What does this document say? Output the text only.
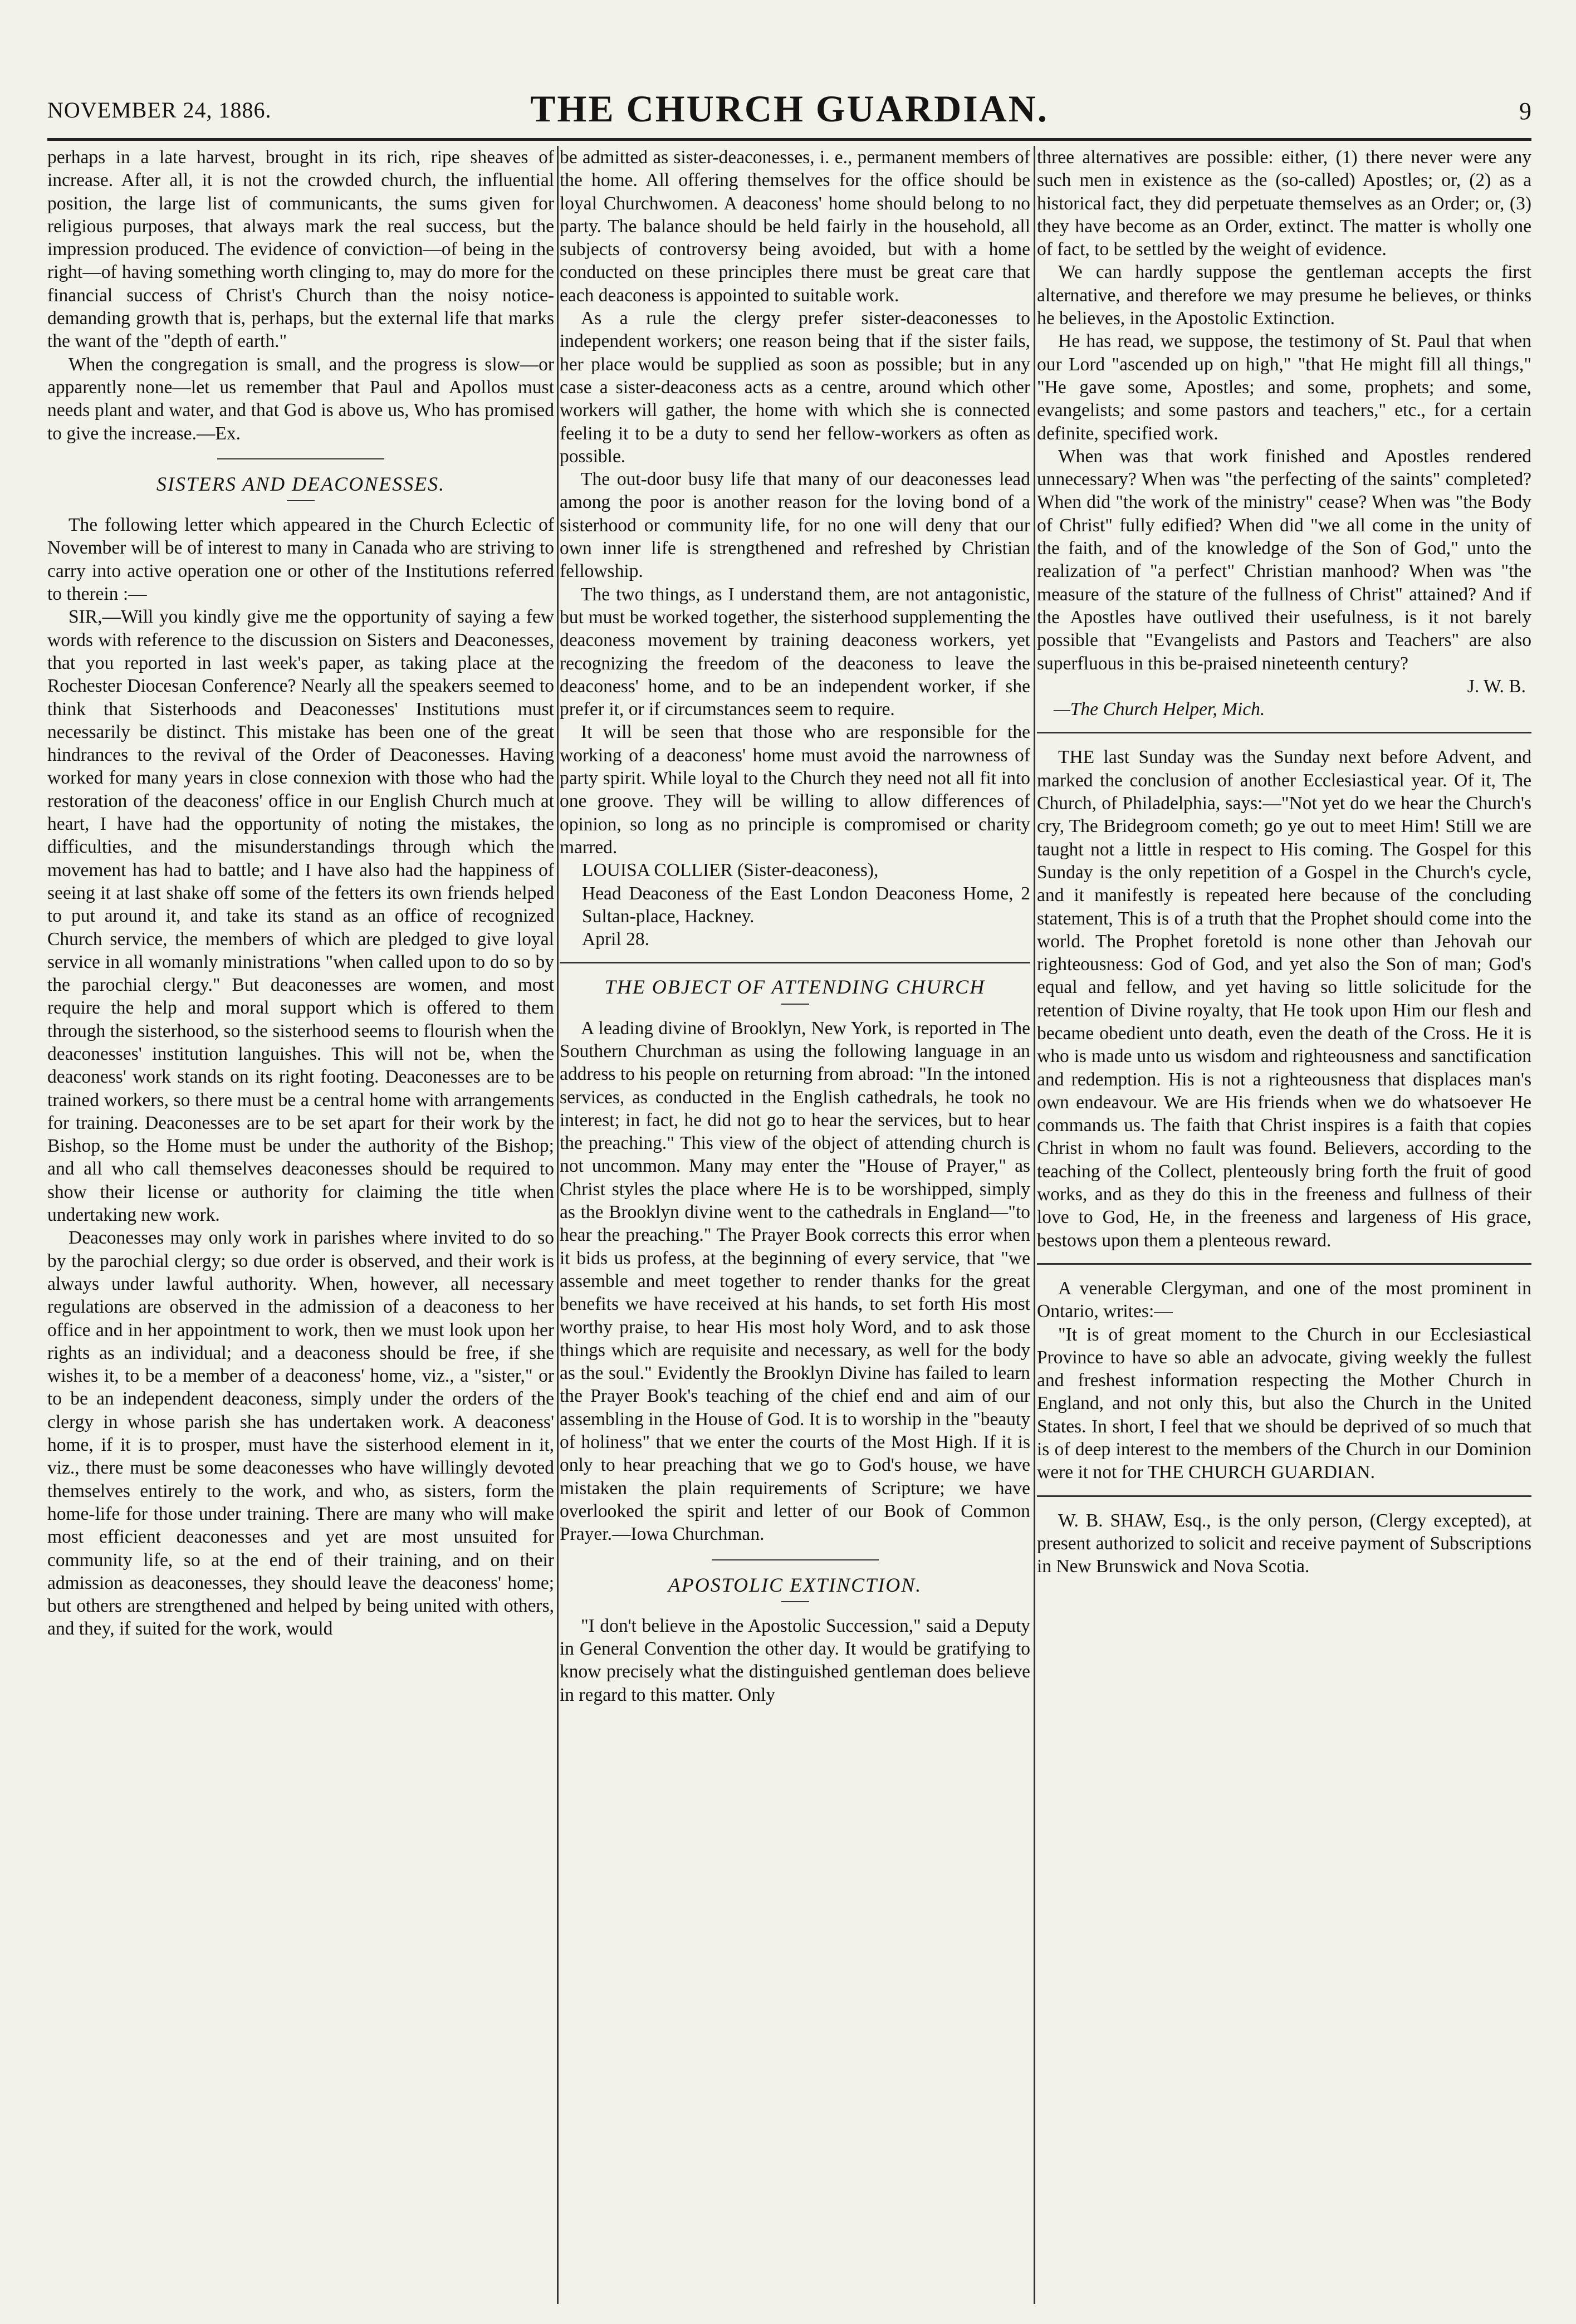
NOVEMBER 24, 1886.	THE CHURCH GUARDIAN.	9

perhaps in a late harvest, brought in its rich, ripe sheaves of increase. After all, it is not the crowded church, the influential position, the large list of communicants, the sums given for religious purposes, that always mark the real success, but the impression produced. The evidence of conviction—of being in the right—of having something worth clinging to, may do more for the financial success of Christ's Church than the noisy notice-demanding growth that is, perhaps, but the external life that marks the want of the "depth of earth."

When the congregation is small, and the progress is slow—or apparently none—let us remember that Paul and Apollos must needs plant and water, and that God is above us, Who has promised to give the increase.—Ex.

SISTERS AND DEACONESSES.

The following letter which appeared in the Church Eclectic of November will be of interest to many in Canada who are striving to carry into active operation one or other of the Institutions referred to therein :—

SIR,—Will you kindly give me the opportunity of saying a few words with reference to the discussion on Sisters and Deaconesses, that you reported in last week's paper, as taking place at the Rochester Diocesan Conference? Nearly all the speakers seemed to think that Sisterhoods and Deaconesses' Institutions must necessarily be distinct. This mistake has been one of the great hindrances to the revival of the Order of Deaconesses. Having worked for many years in close connexion with those who had the restoration of the deaconess' office in our English Church much at heart, I have had the opportunity of noting the mistakes, the difficulties, and the misunderstandings through which the movement has had to battle; and I have also had the happiness of seeing it at last shake off some of the fetters its own friends helped to put around it, and take its stand as an office of recognized Church service, the members of which are pledged to give loyal service in all womanly ministrations "when called upon to do so by the parochial clergy." But deaconesses are women, and most require the help and moral support which is offered to them through the sisterhood, so the sisterhood seems to flourish when the deaconesses' institution languishes. This will not be, when the deaconess' work stands on its right footing. Deaconesses are to be trained workers, so there must be a central home with arrangements for training. Deaconesses are to be set apart for their work by the Bishop, so the Home must be under the authority of the Bishop; and all who call themselves deaconesses should be required to show their license or authority for claiming the title when undertaking new work.

Deaconesses may only work in parishes where invited to do so by the parochial clergy; so due order is observed, and their work is always under lawful authority. When, however, all necessary regulations are observed in the admission of a deaconess to her office and in her appointment to work, then we must look upon her rights as an individual; and a deaconess should be free, if she wishes it, to be a member of a deaconess' home, viz., a "sister," or to be an independent deaconess, simply under the orders of the clergy in whose parish she has undertaken work. A deaconess' home, if it is to prosper, must have the sisterhood element in it, viz., there must be some deaconesses who have willingly devoted themselves entirely to the work, and who, as sisters, form the home-life for those under training. There are many who will make most efficient deaconesses and yet are most unsuited for community life, so at the end of their training, and on their admission as deaconesses, they should leave the deaconess' home; but others are strengthened and helped by being united with others, and they, if suited for the work, would

be admitted as sister-deaconesses, i. e., permanent members of the home. All offering themselves for the office should be loyal Churchwomen. A deaconess' home should belong to no party. The balance should be held fairly in the household, all subjects of controversy being avoided, but with a home conducted on these principles there must be great care that each deaconess is appointed to suitable work.

As a rule the clergy prefer sister-deaconesses to independent workers; one reason being that if the sister fails, her place would be supplied as soon as possible; but in any case a sister-deaconess acts as a centre, around which other workers will gather, the home with which she is connected feeling it to be a duty to send her fellow-workers as often as possible.

The out-door busy life that many of our deaconesses lead among the poor is another reason for the loving bond of a sisterhood or community life, for no one will deny that our own inner life is strengthened and refreshed by Christian fellowship.

The two things, as I understand them, are not antagonistic, but must be worked together, the sisterhood supplementing the deaconess movement by training deaconess workers, yet recognizing the freedom of the deaconess to leave the deaconess' home, and to be an independent worker, if she prefer it, or if circumstances seem to require.

It will be seen that those who are responsible for the working of a deaconess' home must avoid the narrowness of party spirit. While loyal to the Church they need not all fit into one groove. They will be willing to allow differences of opinion, so long as no principle is compromised or charity marred.

LOUISA COLLIER (Sister-deaconess),

Head Deaconess of the East London Deaconess Home, 2 Sultan-place, Hackney.

April 28.

THE OBJECT OF ATTENDING CHURCH

A leading divine of Brooklyn, New York, is reported in The Southern Churchman as using the following language in an address to his people on returning from abroad: "In the intoned services, as conducted in the English cathedrals, he took no interest; in fact, he did not go to hear the services, but to hear the preaching." This view of the object of attending church is not uncommon. Many may enter the "House of Prayer," as Christ styles the place where He is to be worshipped, simply as the Brooklyn divine went to the cathedrals in England—"to hear the preaching." The Prayer Book corrects this error when it bids us profess, at the beginning of every service, that "we assemble and meet together to render thanks for the great benefits we have received at his hands, to set forth His most worthy praise, to hear His most holy Word, and to ask those things which are requisite and necessary, as well for the body as the soul." Evidently the Brooklyn Divine has failed to learn the Prayer Book's teaching of the chief end and aim of our assembling in the House of God. It is to worship in the "beauty of holiness" that we enter the courts of the Most High. If it is only to hear preaching that we go to God's house, we have mistaken the plain requirements of Scripture; we have overlooked the spirit and letter of our Book of Common Prayer.—Iowa Churchman.

APOSTOLIC EXTINCTION.

"I don't believe in the Apostolic Succession," said a Deputy in General Convention the other day. It would be gratifying to know precisely what the distinguished gentleman does believe in regard to this matter. Only

three alternatives are possible: either, (1) there never were any such men in existence as the (so-called) Apostles; or, (2) as a historical fact, they did perpetuate themselves as an Order; or, (3) they have become as an Order, extinct. The matter is wholly one of fact, to be settled by the weight of evidence.

We can hardly suppose the gentleman accepts the first alternative, and therefore we may presume he believes, or thinks he believes, in the Apostolic Extinction.

He has read, we suppose, the testimony of St. Paul that when our Lord "ascended up on high," "that He might fill all things," "He gave some, Apostles; and some, prophets; and some, evangelists; and some pastors and teachers," etc., for a certain definite, specified work.

When was that work finished and Apostles rendered unnecessary? When was "the perfecting of the saints" completed? When did "the work of the ministry" cease? When was "the Body of Christ" fully edified? When did "we all come in the unity of the faith, and of the knowledge of the Son of God," unto the realization of "a perfect" Christian manhood? When was "the measure of the stature of the fullness of Christ" attained? And if the Apostles have outlived their usefulness, is it not barely possible that "Evangelists and Pastors and Teachers" are also superfluous in this be-praised nineteenth century?

J. W. B.

—The Church Helper, Mich.

THE last Sunday was the Sunday next before Advent, and marked the conclusion of another Ecclesiastical year. Of it, The Church, of Philadelphia, says:—"Not yet do we hear the Church's cry, The Bridegroom cometh; go ye out to meet Him! Still we are taught not a little in respect to His coming. The Gospel for this Sunday is the only repetition of a Gospel in the Church's cycle, and it manifestly is repeated here because of the concluding statement, This is of a truth that the Prophet should come into the world. The Prophet foretold is none other than Jehovah our righteousness: God of God, and yet also the Son of man; God's equal and fellow, and yet having so little solicitude for the retention of Divine royalty, that He took upon Him our flesh and became obedient unto death, even the death of the Cross. He it is who is made unto us wisdom and righteousness and sanctification and redemption. His is not a righteousness that displaces man's own endeavour. We are His friends when we do whatsoever He commands us. The faith that Christ inspires is a faith that copies Christ in whom no fault was found. Believers, according to the teaching of the Collect, plenteously bring forth the fruit of good works, and as they do this in the freeness and fullness of their love to God, He, in the freeness and largeness of His grace, bestows upon them a plenteous reward.

A venerable Clergyman, and one of the most prominent in Ontario, writes:—

"It is of great moment to the Church in our Ecclesiastical Province to have so able an advocate, giving weekly the fullest and freshest information respecting the Mother Church in England, and not only this, but also the Church in the United States. In short, I feel that we should be deprived of so much that is of deep interest to the members of the Church in our Dominion were it not for THE CHURCH GUARDIAN.

W. B. SHAW, Esq., is the only person, (Clergy excepted), at present authorized to solicit and receive payment of Subscriptions in New Brunswick and Nova Scotia.
